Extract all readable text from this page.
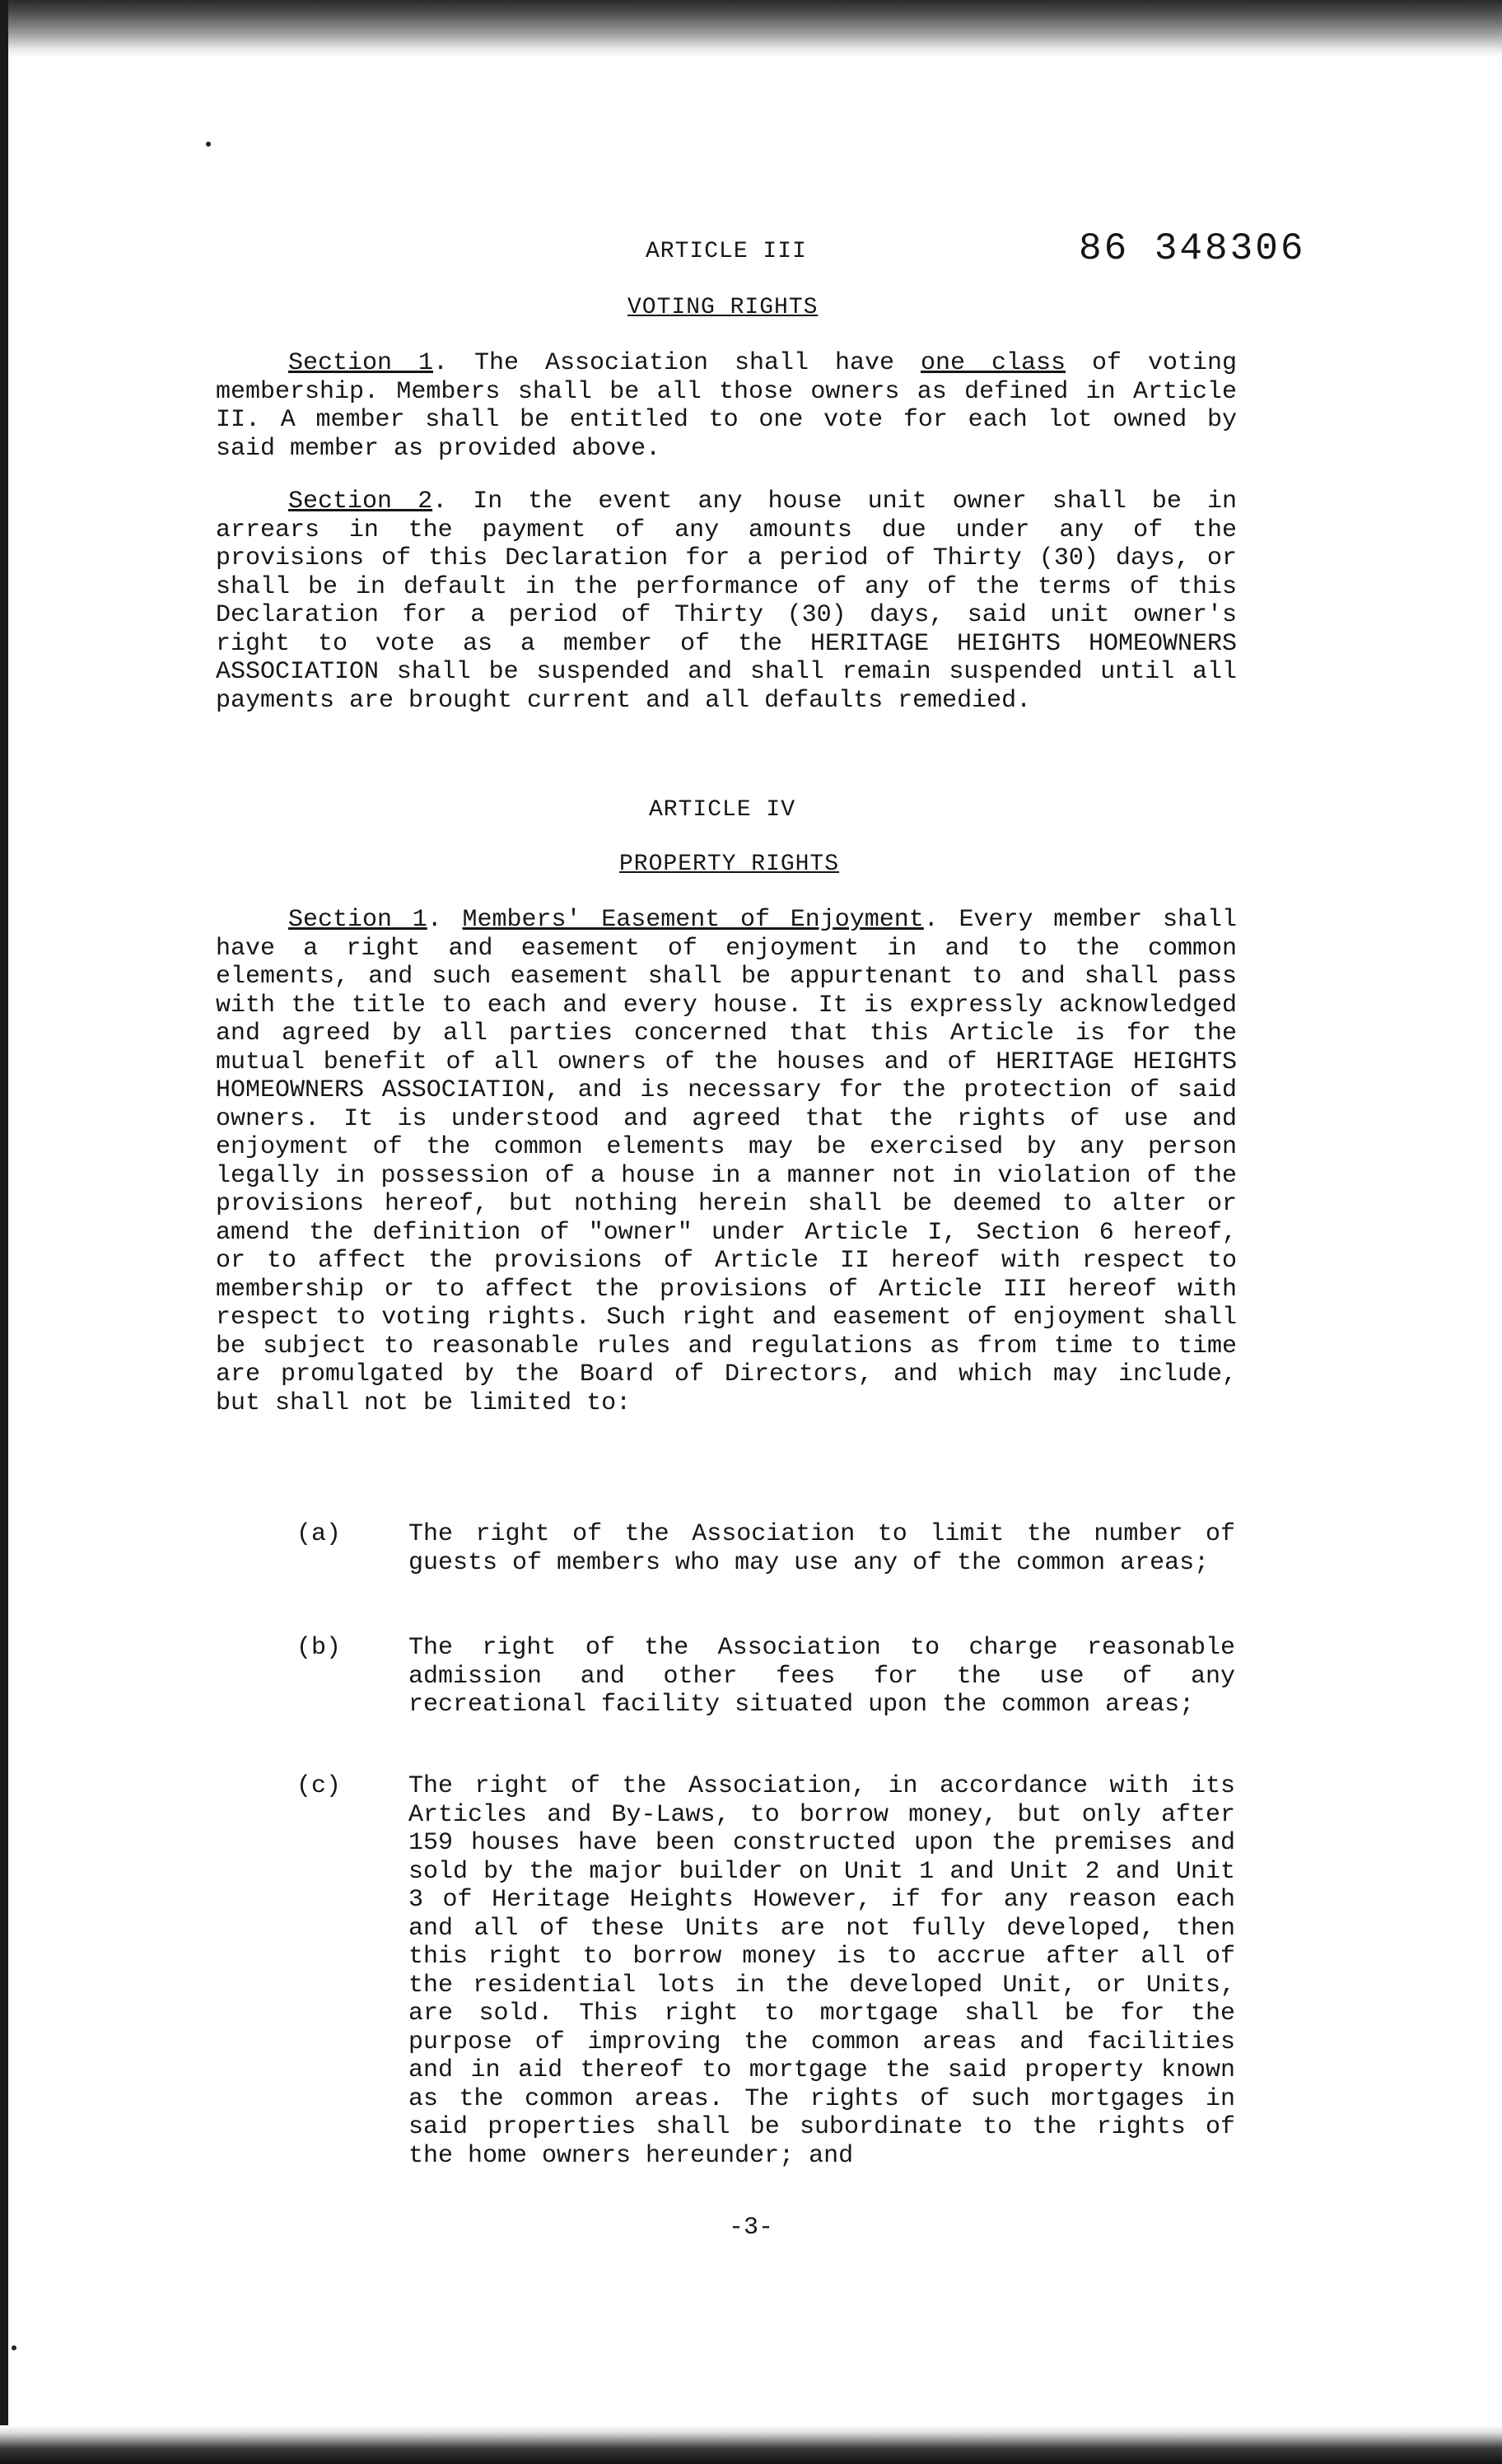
ARTICLE III	86 348306
VOTING RIGHTS

Section 1. The Association shall have one class of voting membership. Members shall be all those owners as defined in Article II. A member shall be entitled to one vote for each lot owned by said member as provided above.

Section 2. In the event any house unit owner shall be in arrears in the payment of any amounts due under any of the provisions of this Declaration for a period of Thirty (30) days, or shall be in default in the performance of any of the terms of this Declaration for a period of Thirty (30) days, said unit owner's right to vote as a member of the HERITAGE HEIGHTS HOMEOWNERS ASSOCIATION shall be suspended and shall remain suspended until all payments are brought current and all defaults remedied.

ARTICLE IV
PROPERTY RIGHTS

Section 1. Members' Easement of Enjoyment. Every member shall have a right and easement of enjoyment in and to the common elements, and such easement shall be appurtenant to and shall pass with the title to each and every house. It is expressly acknowledged and agreed by all parties concerned that this Article is for the mutual benefit of all owners of the houses and of HERITAGE HEIGHTS HOMEOWNERS ASSOCIATION, and is necessary for the protection of said owners. It is understood and agreed that the rights of use and enjoyment of the common elements may be exercised by any person legally in possession of a house in a manner not in violation of the provisions hereof, but nothing herein shall be deemed to alter or amend the definition of "owner" under Article I, Section 6 hereof, or to affect the provisions of Article II hereof with respect to membership or to affect the provisions of Article III hereof with respect to voting rights. Such right and easement of enjoyment shall be subject to reasonable rules and regulations as from time to time are promulgated by the Board of Directors, and which may include, but shall not be limited to:

(a)	The right of the Association to limit the number of guests of members who may use any of the common areas;
(b)	The right of the Association to charge reasonable admission and other fees for the use of any recreational facility situated upon the common areas;
(c)	The right of the Association, in accordance with its Articles and By-Laws, to borrow money, but only after 159 houses have been constructed upon the premises and sold by the major builder on Unit 1 and Unit 2 and Unit 3 of Heritage Heights However, if for any reason each and all of these Units are not fully developed, then this right to borrow money is to accrue after all of the residential lots in the developed Unit, or Units, are sold. This right to mortgage shall be for the purpose of improving the common areas and facilities and in aid thereof to mortgage the said property known as the common areas. The rights of such mortgages in said properties shall be subordinate to the rights of the home owners hereunder; and
-3-
